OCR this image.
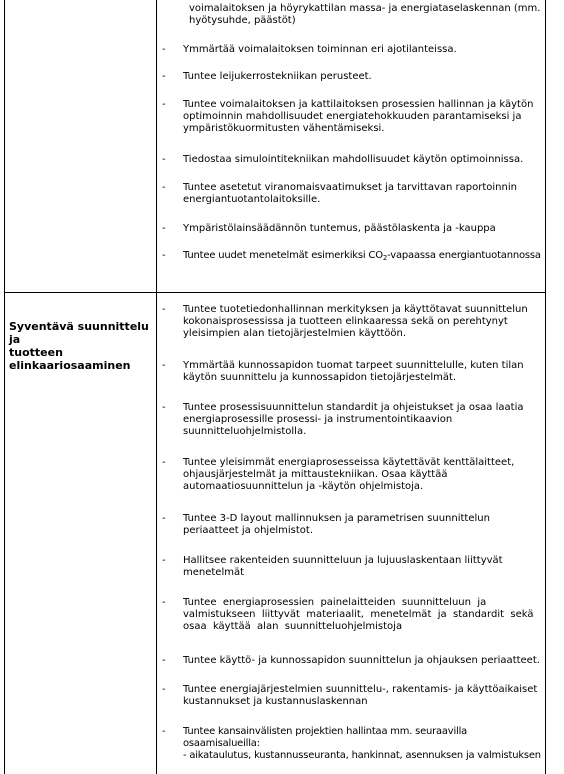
voimalaitoksen ja höyrykattilan massa- ja energiataselaskennan (mm.
hyötysuhde, päästöt)
-	Ymmärtää voimalaitoksen toiminnan eri ajotilanteissa.
-	Tuntee leijukerrostekniikan perusteet.
-	Tuntee voimalaitoksen ja kattilaitoksen prosessien hallinnan ja käytön
optimoinnin mahdollisuudet energiatehokkuuden parantamiseksi ja
ympäristökuormitusten vähentämiseksi.
-	Tiedostaa simulointitekniikan mahdollisuudet käytön optimoinnissa.
-	Tuntee asetetut viranomaisvaatimukset ja tarvittavan raportoinnin
energiantuotantolaitoksille.
-	Ympäristölainsäädännön tuntemus, päästölaskenta ja -kauppa
-	Tuntee uudet menetelmät esimerkiksi $CO_2$-vapaassa energiantuotannossa
Syventävä suunnittelu ja
tuotteen elinkaariosaaminen
-	Tuntee tuotetiedonhallinnan merkityksen ja käyttötavat suunnittelun
kokonaisprosessissa ja tuotteen elinkaaressa sekä on perehtynyt
yleisimpien alan tietojärjestelmien käyttöön.
-	Ymmärtää kunnossapidon tuomat tarpeet suunnittelulle, kuten tilan
käytön suunnittelu ja kunnossapidon tietojärjestelmät.
-	Tuntee prosessisuunnittelun standardit ja ohjeistukset ja osaa laatia
energiaprosessille prosessi- ja instrumentointikaavion
suunnitteluohjelmistolla.
-	Tuntee yleisimmät energiaprosesseissa käytettävät kenttälaitteet,
ohjausjärjestelmät ja mittaustekniikan. Osaa käyttää
automaatiosuunnittelun ja -käytön ohjelmistoja.
-	Tuntee 3-D layout mallinnuksen ja parametrisen suunnittelun
periaatteet ja ohjelmistot.
-	Hallitsee rakenteiden suunnitteluun ja lujuuslaskentaan liittyvät
menetelmät
-	Tuntee  energiaprosessien  painelaitteiden  suunnitteluun  ja
valmistukseen  liittyvät  materiaalit,  menetelmät  ja  standardit  sekä
osaa  käyttää  alan  suunnitteluohjelmistoja
-	Tuntee käyttö- ja kunnossapidon suunnittelun ja ohjauksen periaatteet.
-	Tuntee energiajärjestelmien suunnittelu-, rakentamis- ja käyttöaikaiset
kustannukset ja kustannuslaskennan
-	Tuntee kansainvälisten projektien hallintaa mm. seuraavilla
osaamisalueilla:
- aikataulutus, kustannusseuranta, hankinnat, asennuksen ja valmistuksen
